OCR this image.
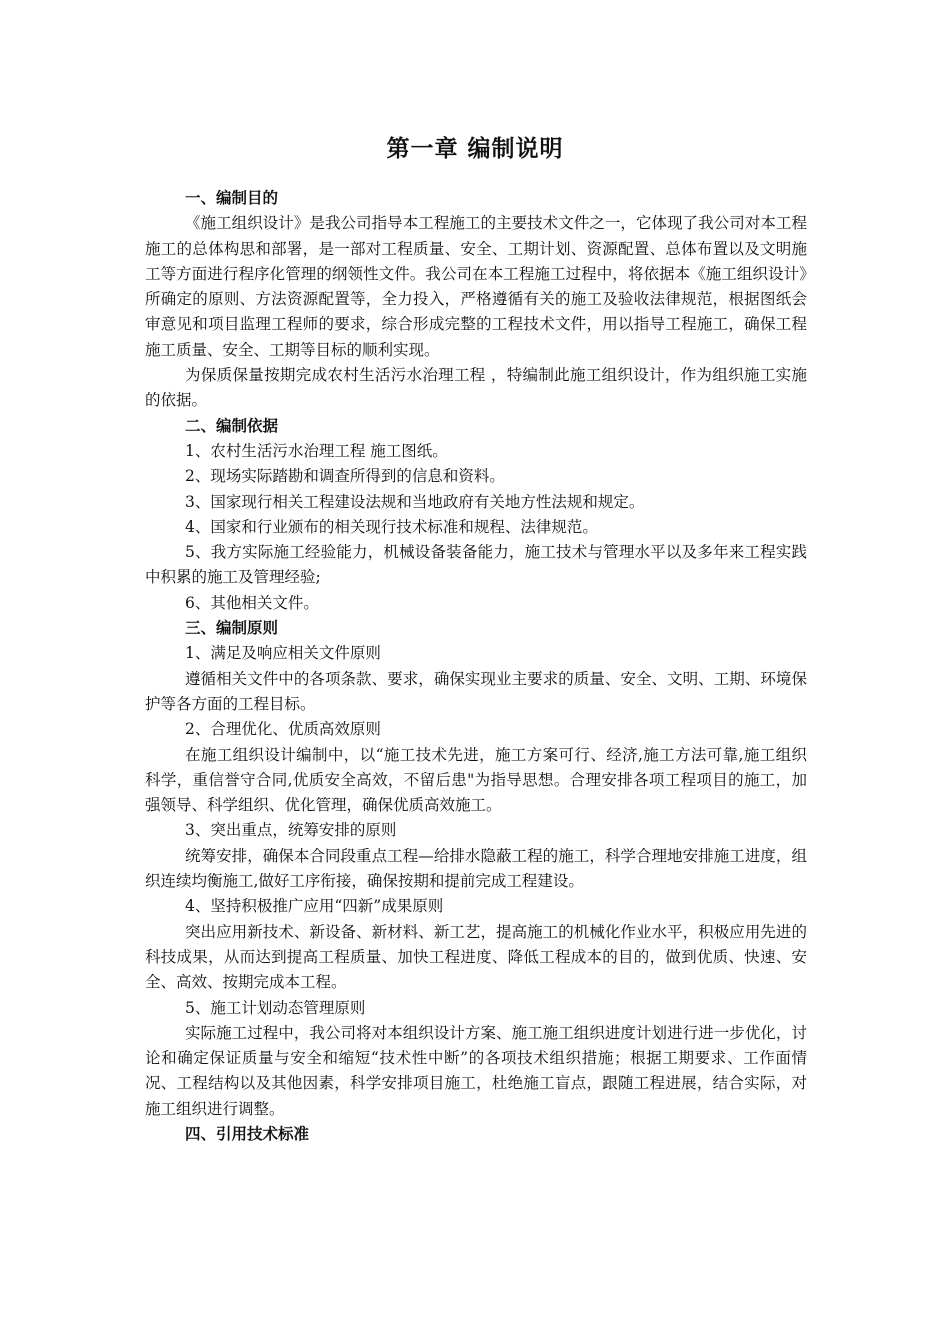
第一章 编制说明

一、编制目的

《施工组织设计》是我公司指导本工程施工的主要技术文件之一，它体现了我公司对本工程施工的总体构思和部署，是一部对工程质量、安全、工期计划、资源配置、总体布置以及文明施工等方面进行程序化管理的纲领性文件。我公司在本工程施工过程中，将依据本《施工组织设计》所确定的原则、方法资源配置等，全力投入，严格遵循有关的施工及验收法律规范，根据图纸会审意见和项目监理工程师的要求，综合形成完整的工程技术文件，用以指导工程施工，确保工程施工质量、安全、工期等目标的顺利实现。

为保质保量按期完成农村生活污水治理工程 ，特编制此施工组织设计，作为组织施工实施的依据。

二、编制依据

1、农村生活污水治理工程 施工图纸。

2、现场实际踏勘和调查所得到的信息和资料。

3、国家现行相关工程建设法规和当地政府有关地方性法规和规定。

4、国家和行业颁布的相关现行技术标准和规程、法律规范。

5、我方实际施工经验能力，机械设备装备能力，施工技术与管理水平以及多年来工程实践中积累的施工及管理经验;

6、其他相关文件。

三、编制原则

1、满足及响应相关文件原则

遵循相关文件中的各项条款、要求，确保实现业主要求的质量、安全、文明、工期、环境保护等各方面的工程目标。

2、合理优化、优质高效原则

在施工组织设计编制中，以“施工技术先进，施工方案可行、经济,施工方法可靠,施工组织科学，重信誉守合同,优质安全高效，不留后患"为指导思想。合理安排各项工程项目的施工，加强领导、科学组织、优化管理，确保优质高效施工。

3、突出重点，统筹安排的原则

统筹安排，确保本合同段重点工程—给排水隐蔽工程的施工，科学合理地安排施工进度，组织连续均衡施工,做好工序衔接，确保按期和提前完成工程建设。

4、坚持积极推广应用“四新”成果原则

突出应用新技术、新设备、新材料、新工艺，提高施工的机械化作业水平，积极应用先进的科技成果，从而达到提高工程质量、加快工程进度、降低工程成本的目的，做到优质、快速、安全、高效、按期完成本工程。

5、施工计划动态管理原则

实际施工过程中，我公司将对本组织设计方案、施工施工组织进度计划进行进一步优化，讨论和确定保证质量与安全和缩短“技术性中断”的各项技术组织措施；根据工期要求、工作面情况、工程结构以及其他因素，科学安排项目施工，杜绝施工盲点，跟随工程进展，结合实际，对施工组织进行调整。

四、引用技术标准
